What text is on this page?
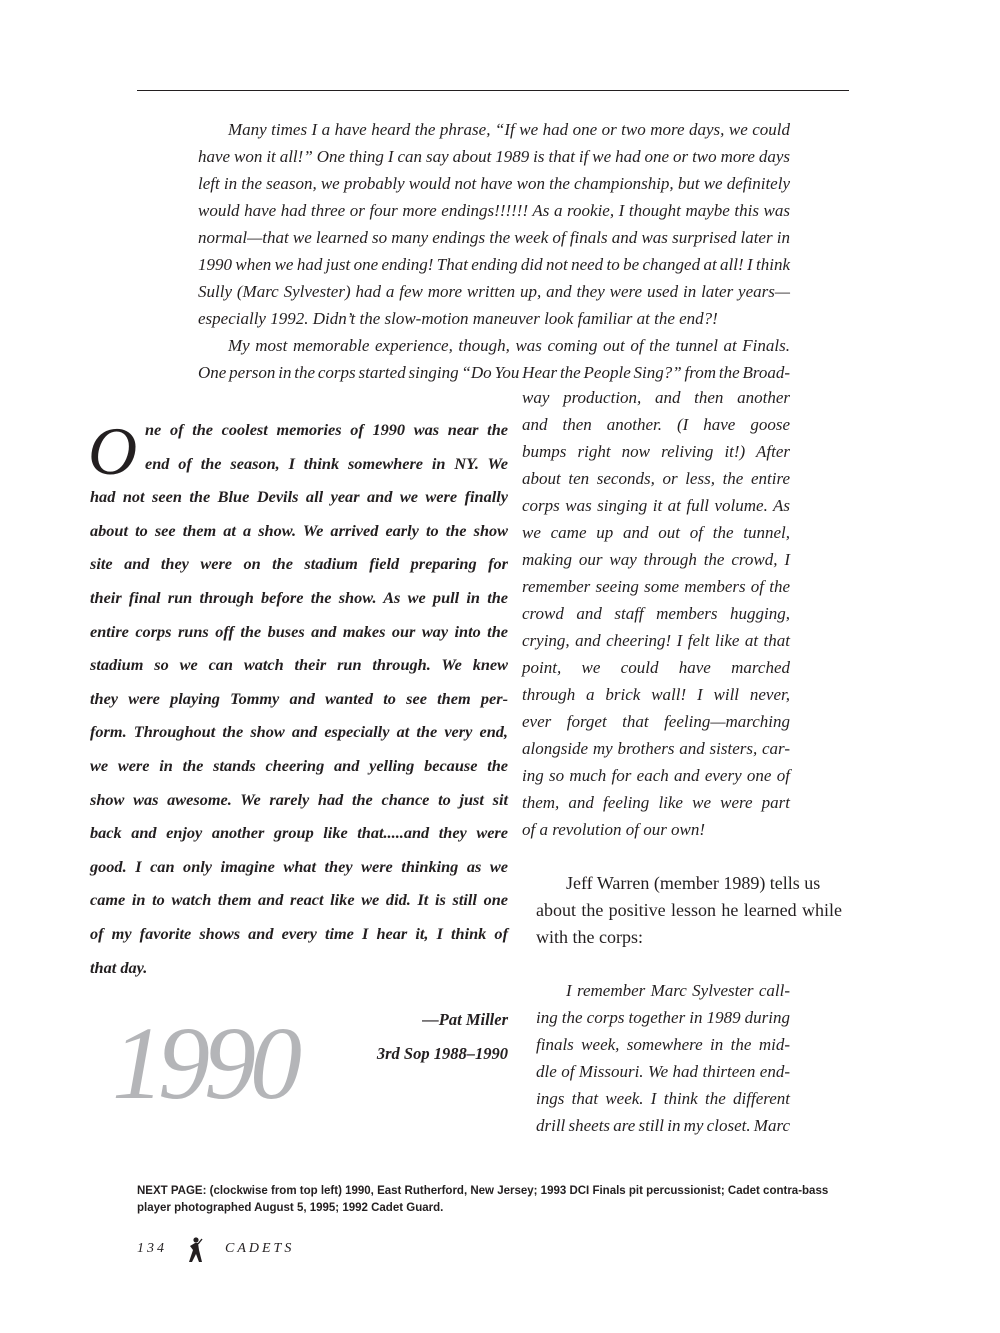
Many times I a have heard the phrase, “If we had one or two more days, we could
have won it all!” One thing I can say about 1989 is that if we had one or two more days
left in the season, we probably would not have won the championship, but we definitely
would have had three or four more endings!!!!!! As a rookie, I thought maybe this was
normal—that we learned so many endings the week of finals and was surprised later in
1990 when we had just one ending! That ending did not need to be changed at all! I think
Sully (Marc Sylvester) had a few more written up, and they were used in later years—
especially 1992. Didn’t the slow-motion maneuver look familiar at the end?!
My most memorable experience, though, was coming out of the tunnel at Finals.
One person in the corps started singing “Do You Hear the People Sing?” from the Broad-
way production, and then another
and then another. (I have goose
bumps right now reliving it!) After
about ten seconds, or less, the entire
corps was singing it at full volume. As
we came up and out of the tunnel,
making our way through the crowd, I
remember seeing some members of the
crowd and staff members hugging,
crying, and cheering! I felt like at that
point, we could have marched
through a brick wall! I will never,
ever forget that feeling—marching
alongside my brothers and sisters, car-
ing so much for each and every one of
them, and feeling like we were part
of a revolution of our own!
Jeff Warren (member 1989) tells us
about the positive lesson he learned while
with the corps:
I remember Marc Sylvester call-
ing the corps together in 1989 during
finals week, somewhere in the mid-
dle of Missouri. We had thirteen end-
ings that week. I think the different
drill sheets are still in my closet. Marc
ne of the coolest memories of 1990 was near the
end of the season, I think somewhere in NY. We
had not seen the Blue Devils all year and we were finally
about to see them at a show. We arrived early to the show
site and they were on the stadium field preparing for
their final run through before the show. As we pull in the
entire corps runs off the buses and makes our way into the
stadium so we can watch their run through. We knew
they were playing Tommy and wanted to see them per-
form. Throughout the show and especially at the very end,
we were in the stands cheering and yelling because the
show was awesome. We rarely had the chance to just sit
back and enjoy another group like that.....and they were
good. I can only imagine what they were thinking as we
came in to watch them and react like we did. It is still one
of my favorite shows and every time I hear it, I think of
that day.
O
1990	—Pat Miller
3rd Sop 1988–1990
NEXT PAGE: (clockwise from top left) 1990, East Rutherford, New Jersey; 1993 DCI Finals pit percussionist; Cadet contra-bass player photographed August 5, 1995; 1992 Cadet Guard.
134	CADETS
